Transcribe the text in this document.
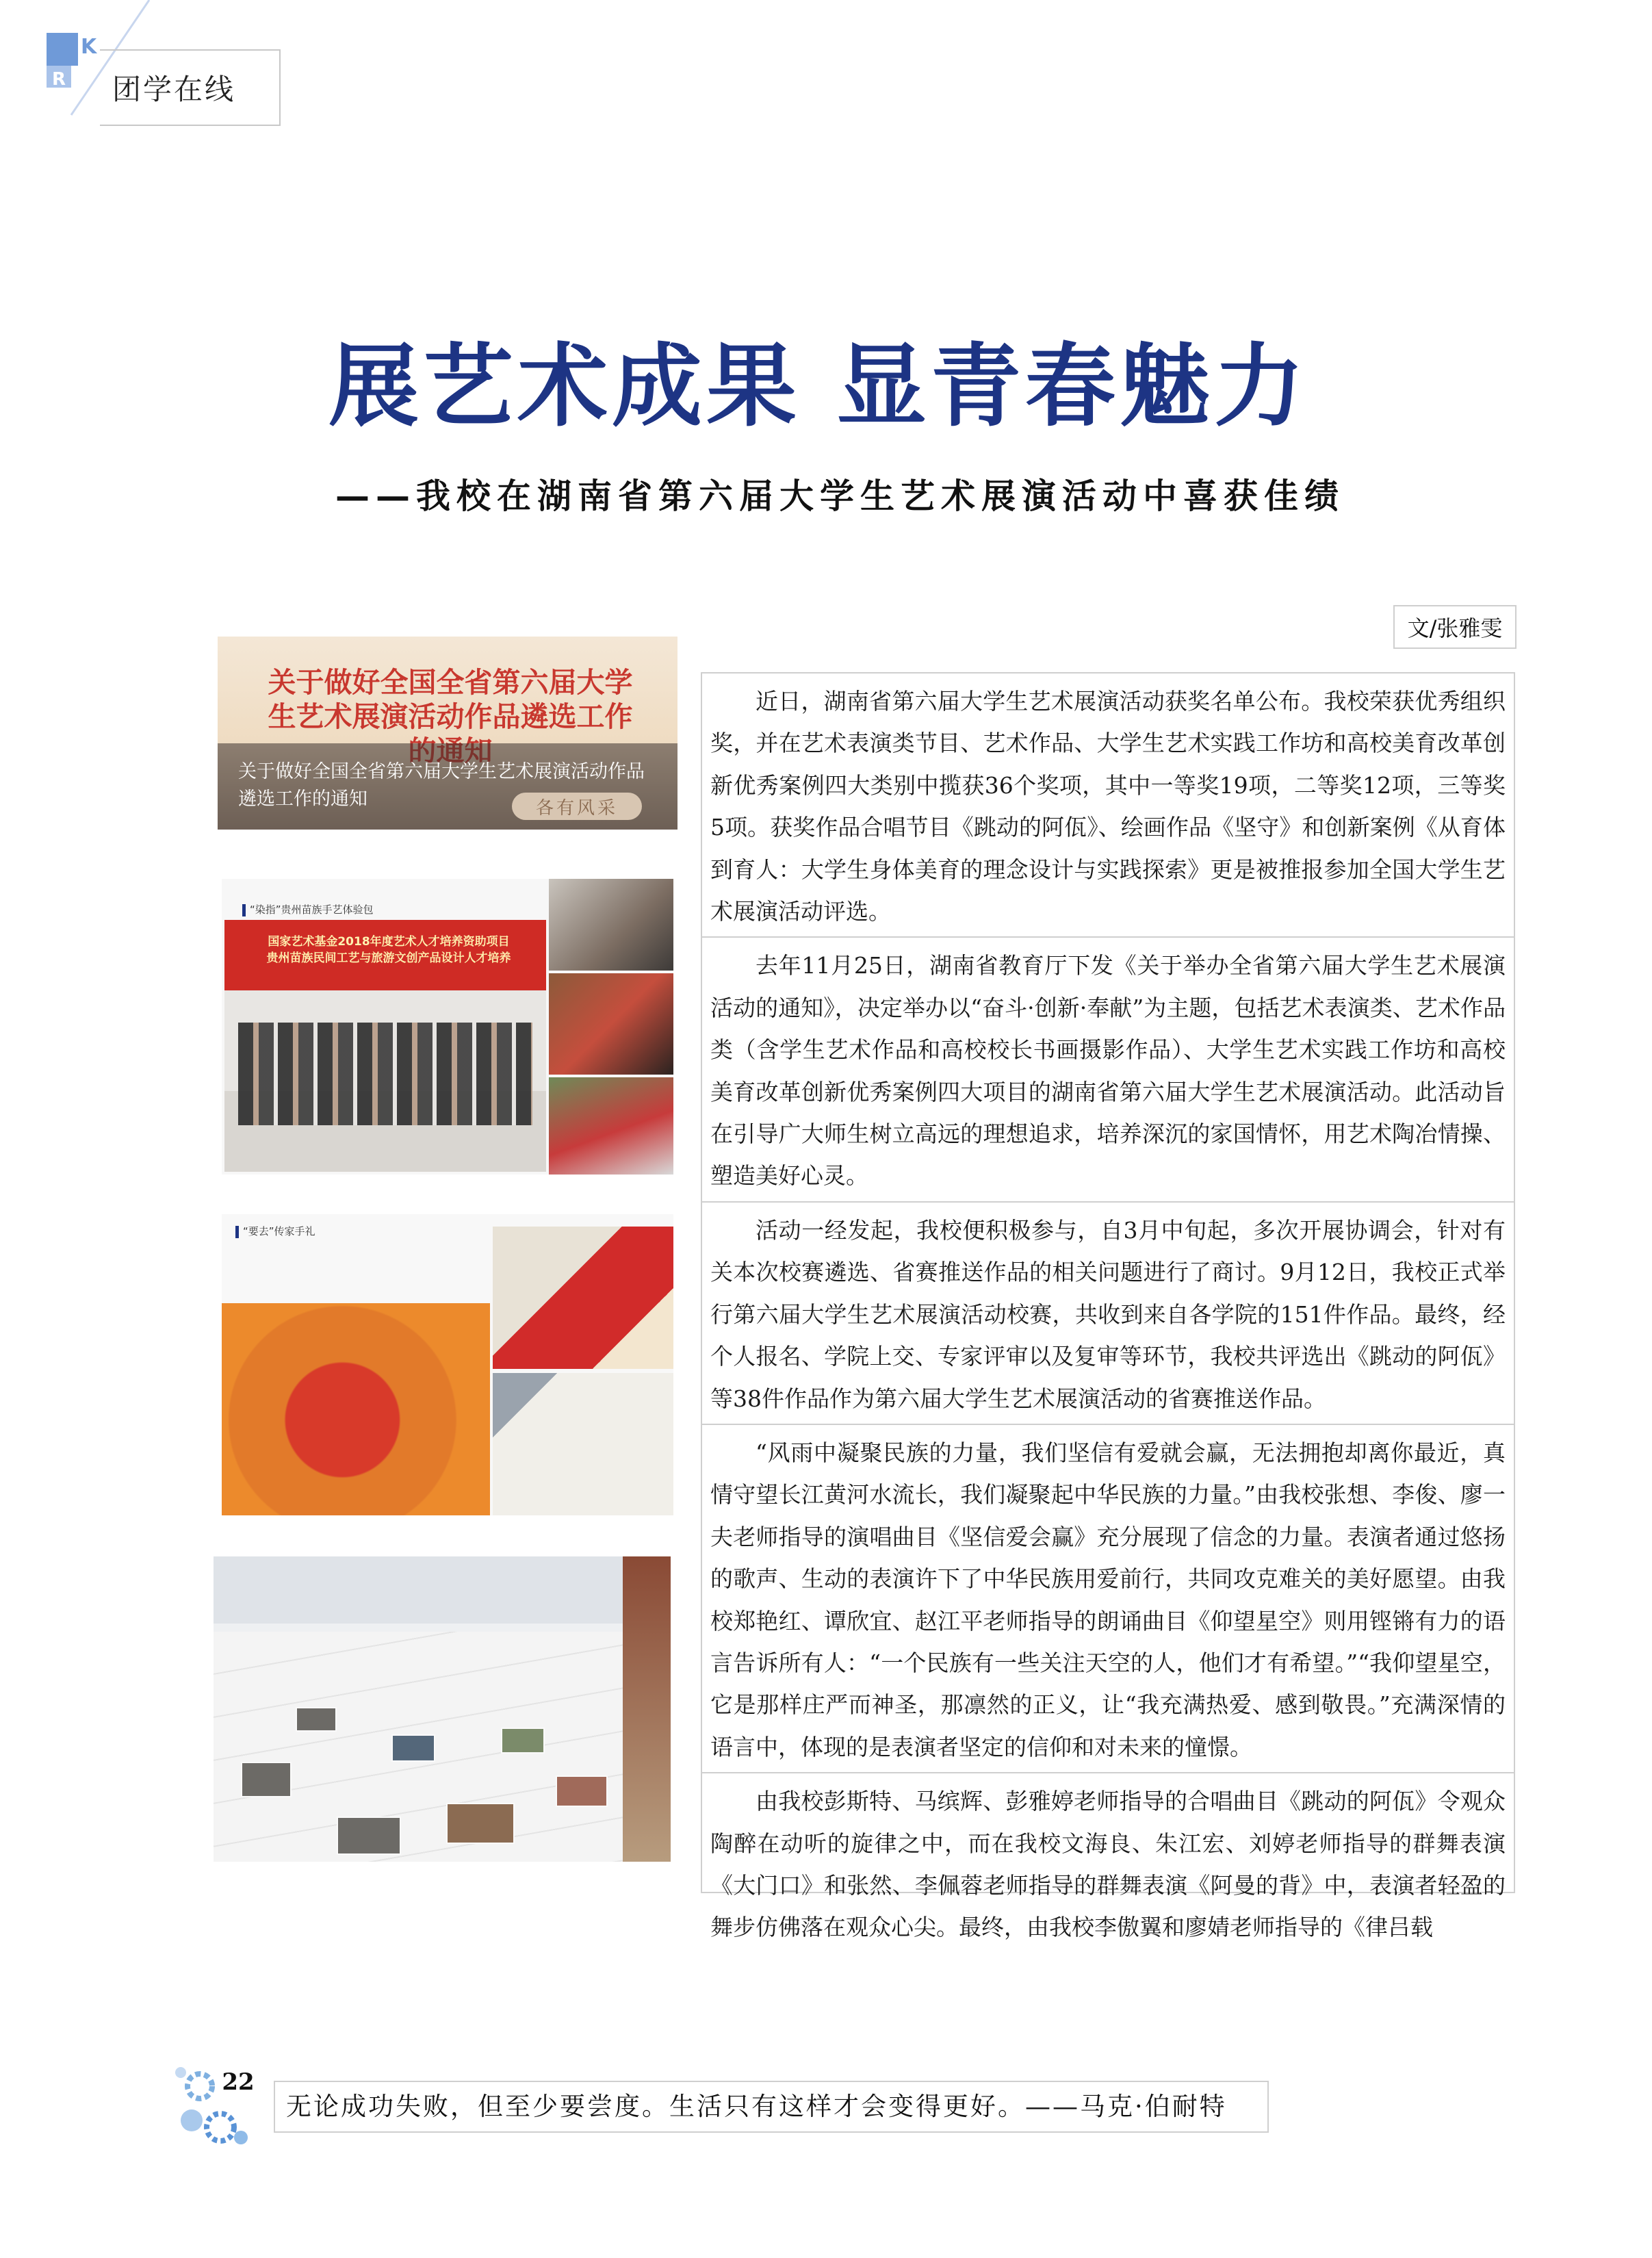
K
R	团学在线
展艺术成果 显青春魅力
——我校在湖南省第六届大学生艺术展演活动中喜获佳绩
文/张雅雯
关于做好全国全省第六届大学生艺术展演活动作品遴选工作
关于做好全国全省第六届大学生艺术展演活动作品遴选工作的通知	各有风采
“染指”贵州苗族手艺体验包
国家艺术基金2018年度艺术人才培养资助项目 贵州苗族民间工艺与旅游文创产品设计人才培养
“要去”传家手礼

近日，湖南省第六届大学生艺术展演活动获奖名单公布。我校荣获优秀组织奖，并在艺术表演类节目、艺术作品、大学生艺术实践工作坊和高校美育改革创新优秀案例四大类别中揽获36个奖项，其中一等奖19项，二等奖12项，三等奖5项。获奖作品合唱节目《跳动的阿佤》、绘画作品《坚守》和创新案例《从育体到育人：大学生身体美育的理念设计与实践探索》更是被推报参加全国大学生艺术展演活动评选。

去年11月25日，湖南省教育厅下发《关于举办全省第六届大学生艺术展演活动的通知》，决定举办以“奋斗·创新·奉献”为主题，包括艺术表演类、艺术作品类（含学生艺术作品和高校校长书画摄影作品）、大学生艺术实践工作坊和高校美育改革创新优秀案例四大项目的湖南省第六届大学生艺术展演活动。此活动旨在引导广大师生树立高远的理想追求，培养深沉的家国情怀，用艺术陶冶情操、塑造美好心灵。

活动一经发起，我校便积极参与，自3月中旬起，多次开展协调会，针对有关本次校赛遴选、省赛推送作品的相关问题进行了商讨。9月12日，我校正式举行第六届大学生艺术展演活动校赛，共收到来自各学院的151件作品。最终，经个人报名、学院上交、专家评审以及复审等环节，我校共评选出《跳动的阿佤》等38件作品作为第六届大学生艺术展演活动的省赛推送作品。

“风雨中凝聚民族的力量，我们坚信有爱就会赢，无法拥抱却离你最近，真情守望长江黄河水流长，我们凝聚起中华民族的力量。”由我校张想、李俊、廖一夫老师指导的演唱曲目《坚信爱会赢》充分展现了信念的力量。表演者通过悠扬的歌声、生动的表演许下了中华民族用爱前行，共同攻克难关的美好愿望。由我校郑艳红、谭欣宜、赵江平老师指导的朗诵曲目《仰望星空》则用铿锵有力的语言告诉所有人：“一个民族有一些关注天空的人，他们才有希望。”“我仰望星空，它是那样庄严而神圣，那凛然的正义，让“我充满热爱、感到敬畏。”充满深情的语言中，体现的是表演者坚定的信仰和对未来的憧憬。

由我校彭斯特、马缤辉、彭雅婷老师指导的合唱曲目《跳动的阿佤》令观众陶醉在动听的旋律之中，而在我校文海良、朱江宏、刘婷老师指导的群舞表演《大门口》和张然、李佩蓉老师指导的群舞表演《阿曼的背》中，表演者轻盈的舞步仿佛落在观众心尖。最终，由我校李傲翼和廖婧老师指导的《律吕载

22
无论成功失败，但至少要尝度。生活只有这样才会变得更好。——马克·伯耐特
